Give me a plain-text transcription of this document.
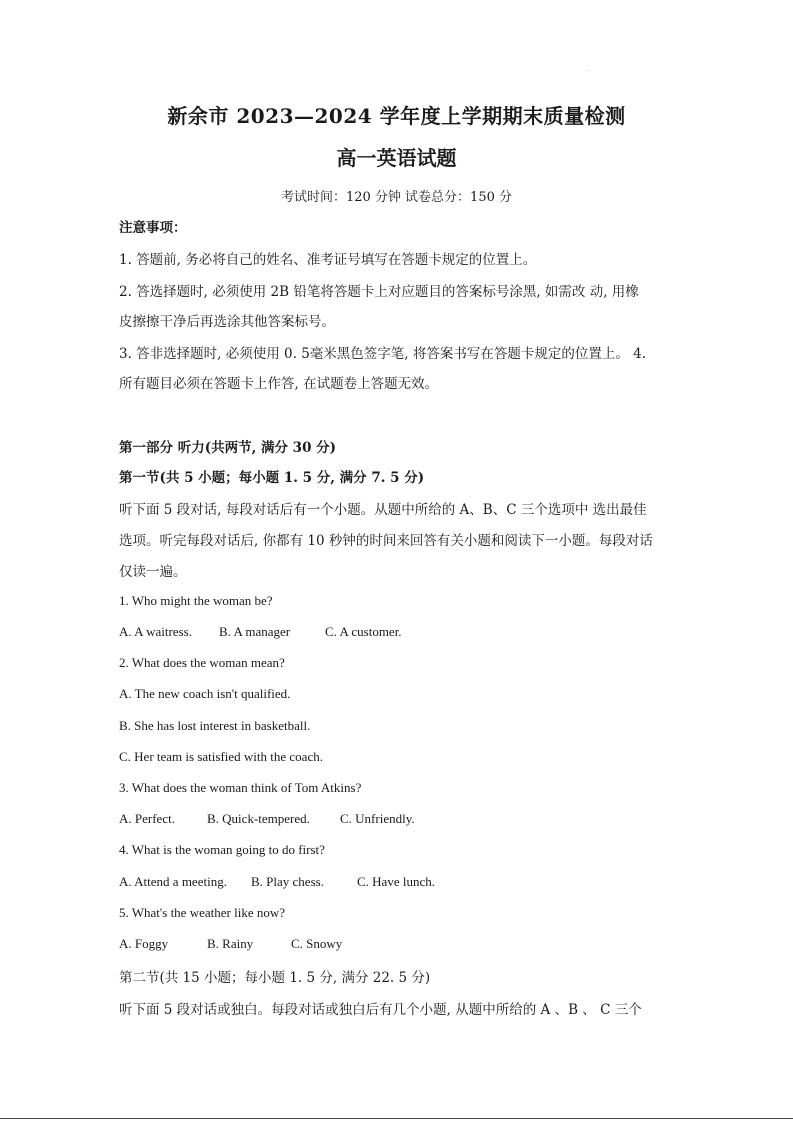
.
新余市 2023—2024 学年度上学期期末质量检测
高一英语试题
考试时间：120 分钟 试卷总分：150 分
注意事项：
1. 答题前, 务必将自己的姓名、准考证号填写在答题卡规定的位置上。
2. 答选择题时, 必须使用 2B 铅笔将答题卡上对应题目的答案标号涂黑, 如需改 动, 用橡
皮擦擦干净后再选涂其他答案标号。
3. 答非选择题时, 必须使用 0. 5毫米黑色签字笔, 将答案书写在答题卡规定的位置上。 4.
所有题目必须在答题卡上作答, 在试题卷上答题无效。
第一部分 听力(共两节, 满分 30 分)
第一节(共 5 小题；每小题 1. 5 分, 满分 7. 5 分)
听下面 5 段对话, 每段对话后有一个小题。从题中所给的 A、B、C 三个选项中 选出最佳
选项。听完每段对话后, 你都有 10 秒钟的时间来回答有关小题和阅读下一小题。每段对话
仅读一遍。
1. Who might the woman be?
A. A waitress. B. A manager	C. A customer.
2. What does the woman mean?
A. The new coach isn't qualified.
B. She has lost interest in basketball.
C. Her team is satisfied with the coach.
3. What does the woman think of Tom Atkins?
A. Perfect. B. Quick-tempered. C. Unfriendly.
4. What is the woman going to do first?
A. Attend a meeting. B. Play chess.	C. Have lunch.
5. What's the weather like now?
A. Foggy	B. Rainy	C. Snowy
第二节(共 15 小题；每小题 1. 5 分, 满分 22. 5 分)
听下面 5 段对话或独白。每段对话或独白后有几个小题, 从题中所给的 A 、B 、 C 三个
